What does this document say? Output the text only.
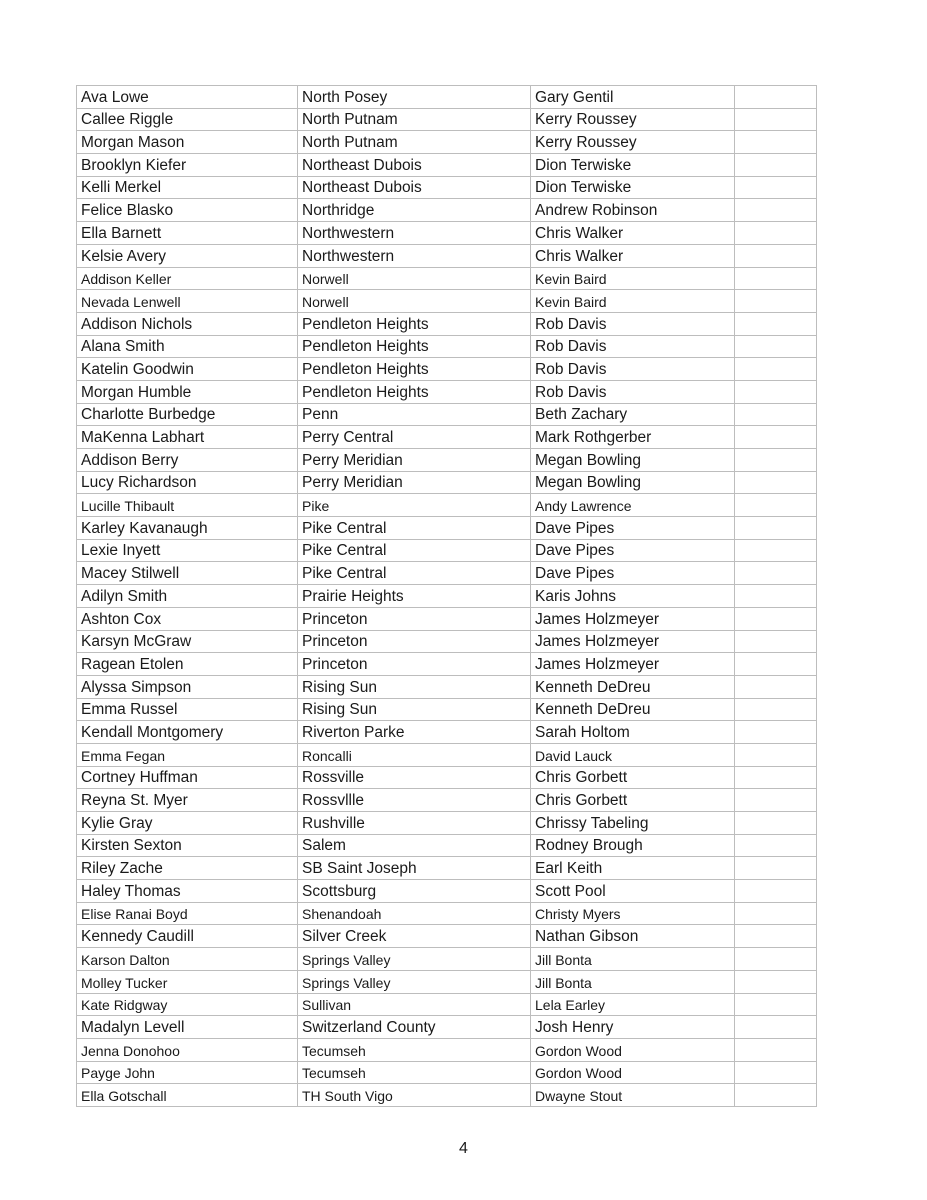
Ava Lowe	North Posey	Gary Gentil	
Callee Riggle	North Putnam	Kerry Roussey	
Morgan Mason	North Putnam	Kerry Roussey	
Brooklyn Kiefer	Northeast Dubois	Dion Terwiske	
Kelli Merkel	Northeast Dubois	Dion Terwiske	
Felice Blasko	Northridge	Andrew Robinson	
Ella Barnett	Northwestern	Chris Walker	
Kelsie Avery	Northwestern	Chris Walker	
Addison Keller	Norwell	Kevin Baird	
Nevada Lenwell	Norwell	Kevin Baird	
Addison Nichols	Pendleton Heights	Rob Davis	
Alana Smith	Pendleton Heights	Rob Davis	
Katelin Goodwin	Pendleton Heights	Rob Davis	
Morgan Humble	Pendleton Heights	Rob Davis	
Charlotte Burbedge	Penn	Beth Zachary	
MaKenna Labhart	Perry Central	Mark Rothgerber	
Addison Berry	Perry Meridian	Megan Bowling	
Lucy Richardson	Perry Meridian	Megan Bowling	
Lucille Thibault	Pike	Andy Lawrence	
Karley Kavanaugh	Pike Central	Dave Pipes	
Lexie Inyett	Pike Central	Dave Pipes	
Macey Stilwell	Pike Central	Dave Pipes	
Adilyn Smith	Prairie Heights	Karis Johns	
Ashton Cox	Princeton	James Holzmeyer	
Karsyn McGraw	Princeton	James Holzmeyer	
Ragean Etolen	Princeton	James Holzmeyer	
Alyssa Simpson	Rising Sun	Kenneth DeDreu	
Emma Russel	Rising Sun	Kenneth DeDreu	
Kendall Montgomery	Riverton Parke	Sarah Holtom	
Emma Fegan	Roncalli	David Lauck	
Cortney Huffman	Rossville	Chris Gorbett	
Reyna St. Myer	Rossvllle	Chris Gorbett	
Kylie Gray	Rushville	Chrissy Tabeling	
Kirsten Sexton	Salem	Rodney Brough	
Riley Zache	SB Saint Joseph	Earl Keith	
Haley Thomas	Scottsburg	Scott Pool	
Elise Ranai Boyd	Shenandoah	Christy Myers	
Kennedy Caudill	Silver Creek	Nathan Gibson	
Karson Dalton	Springs Valley	Jill Bonta	
Molley Tucker	Springs Valley	Jill Bonta	
Kate Ridgway	Sullivan	Lela Earley	
Madalyn Levell	Switzerland County	Josh Henry	
Jenna Donohoo	Tecumseh	Gordon Wood	
Payge John	Tecumseh	Gordon Wood	
Ella Gotschall	TH South Vigo	Dwayne Stout	
4
